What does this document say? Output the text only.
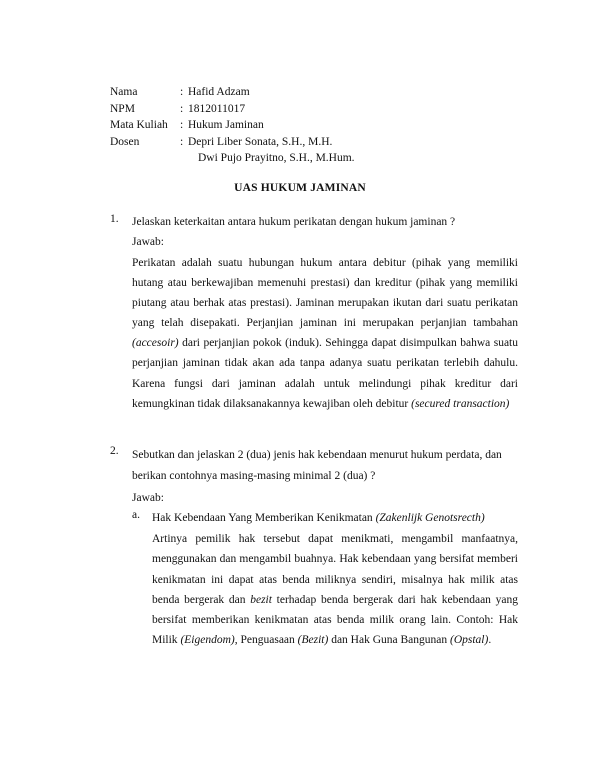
Nama	: Hafid Adzam
NPM	: 1812011017
Mata Kuliah	: Hukum Jaminan
Dosen	: Depri Liber Sonata, S.H., M.H.
Dwi Pujo Prayitno, S.H., M.Hum.
UAS HUKUM JAMINAN
1. Jelaskan keterkaitan antara hukum perikatan dengan hukum jaminan ?
Jawab:
Perikatan adalah suatu hubungan hukum antara debitur (pihak yang memiliki hutang atau berkewajiban memenuhi prestasi) dan kreditur (pihak yang memiliki piutang atau berhak atas prestasi). Jaminan merupakan ikutan dari suatu perikatan yang telah disepakati. Perjanjian jaminan ini merupakan perjanjian tambahan (accesoir) dari perjanjian pokok (induk). Sehingga dapat disimpulkan bahwa suatu perjanjian jaminan tidak akan ada tanpa adanya suatu perikatan terlebih dahulu. Karena fungsi dari jaminan adalah untuk melindungi pihak kreditur dari kemungkinan tidak dilaksanakannya kewajiban oleh debitur (secured transaction)
2. Sebutkan dan jelaskan 2 (dua) jenis hak kebendaan menurut hukum perdata, dan berikan contohnya masing-masing minimal 2 (dua) ?
Jawab:
a. Hak Kebendaan Yang Memberikan Kenikmatan (Zakenlijk Genotsrecth)
Artinya pemilik hak tersebut dapat menikmati, mengambil manfaatnya, menggunakan dan mengambil buahnya. Hak kebendaan yang bersifat memberi kenikmatan ini dapat atas benda miliknya sendiri, misalnya hak milik atas benda bergerak dan bezit terhadap benda bergerak dari hak kebendaan yang bersifat memberikan kenikmatan atas benda milik orang lain. Contoh: Hak Milik (Eigendom), Penguasaan (Bezit) dan Hak Guna Bangunan (Opstal).
